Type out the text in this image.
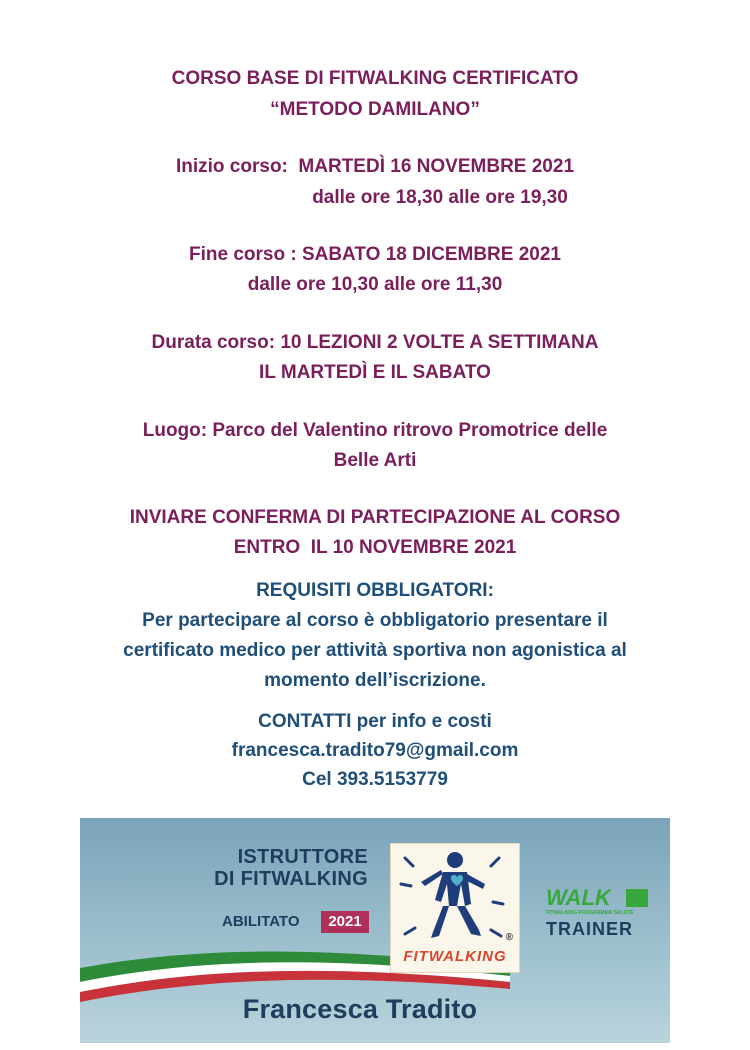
CORSO BASE DI FITWALKING CERTIFICATO
“METODO DAMILANO”
Inizio corso:  MARTEDÌ 16 NOVEMBRE 2021
dalle ore 18,30 alle ore 19,30
Fine corso : SABATO 18 DICEMBRE 2021
dalle ore 10,30 alle ore 11,30
Durata corso: 10 LEZIONI 2 VOLTE A SETTIMANA
IL MARTEDÌ E IL SABATO
Luogo: Parco del Valentino ritrovo Promotrice delle
Belle Arti
INVIARE CONFERMA DI PARTECIPAZIONE AL CORSO
ENTRO  IL 10 NOVEMBRE 2021
REQUISITI OBBLIGATORI:
Per partecipare al corso è obbligatorio presentare il
certificato medico per attività sportiva non agonistica al
momento dell’iscrizione.
CONTATTI per info e costi
francesca.tradito79@gmail.com
Cel 393.5153779
ISTRUTTORE
DI FITWALKING
ABILITATO	2021
®
FITWALKING
WALK
FITWALKING PROGRAMMA SALUTE
TRAINER
Francesca Tradito
